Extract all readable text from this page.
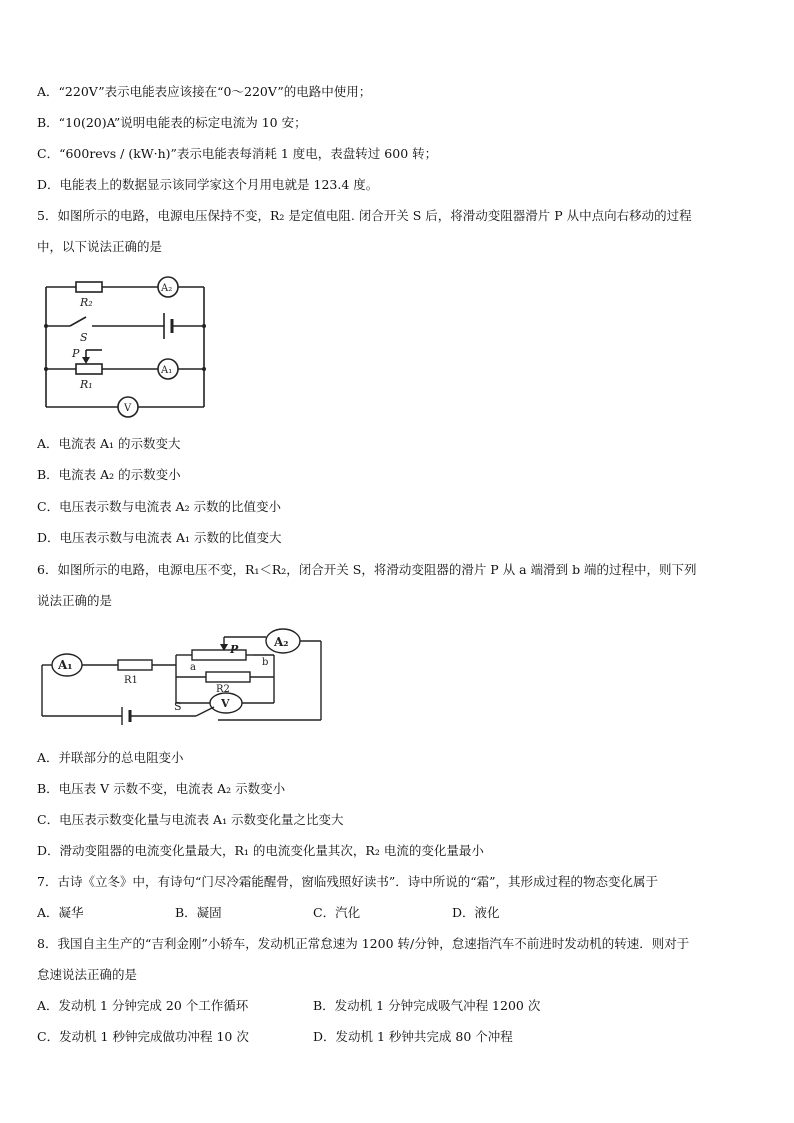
A．“220V”表示电能表应该接在“0～220V”的电路中使用；
B．“10(20)A”说明电能表的标定电流为 10 安；
C．“600revs / (kW·h)”表示电能表每消耗 1 度电，表盘转过 600 转；
D．电能表上的数据显示该同学家这个月用电就是 123.4 度。
5．如图所示的电路，电源电压保持不变，R₂ 是定值电阻. 闭合开关 S 后，将滑动变阻器滑片 P 从中点向右移动的过程
中，以下说法正确的是
R₂
A₂
S
P
R₁
A₁
V
A．电流表 A₁ 的示数变大
B．电流表 A₂ 的示数变小
C．电压表示数与电流表 A₂ 示数的比值变小
D．电压表示数与电流表 A₁ 示数的比值变大
6．如图所示的电路，电源电压不变，R₁＜R₂，闭合开关 S，将滑动变阻器的滑片 P 从 a 端滑到 b 端的过程中，则下列
说法正确的是
A₁
R1
P
a	b
A₂
R2
S	V
A．并联部分的总电阻变小
B．电压表 V 示数不变，电流表 A₂ 示数变小
C．电压表示数变化量与电流表 A₁ 示数变化量之比变大
D．滑动变阻器的电流变化量最大，R₁ 的电流变化量其次，R₂ 电流的变化量最小
7．古诗《立冬》中，有诗句“门尽冷霜能醒骨，窗临残照好读书”．诗中所说的“霜”，其形成过程的物态变化属于
A．凝华	B．凝固	C．汽化	D．液化
8．我国自主生产的“吉利金刚”小轿车，发动机正常怠速为 1200 转/分钟，怠速指汽车不前进时发动机的转速．则对于
怠速说法正确的是
A．发动机 1 分钟完成 20 个工作循环	B．发动机 1 分钟完成吸气冲程 1200 次
C．发动机 1 秒钟完成做功冲程 10 次	D．发动机 1 秒钟共完成 80 个冲程
